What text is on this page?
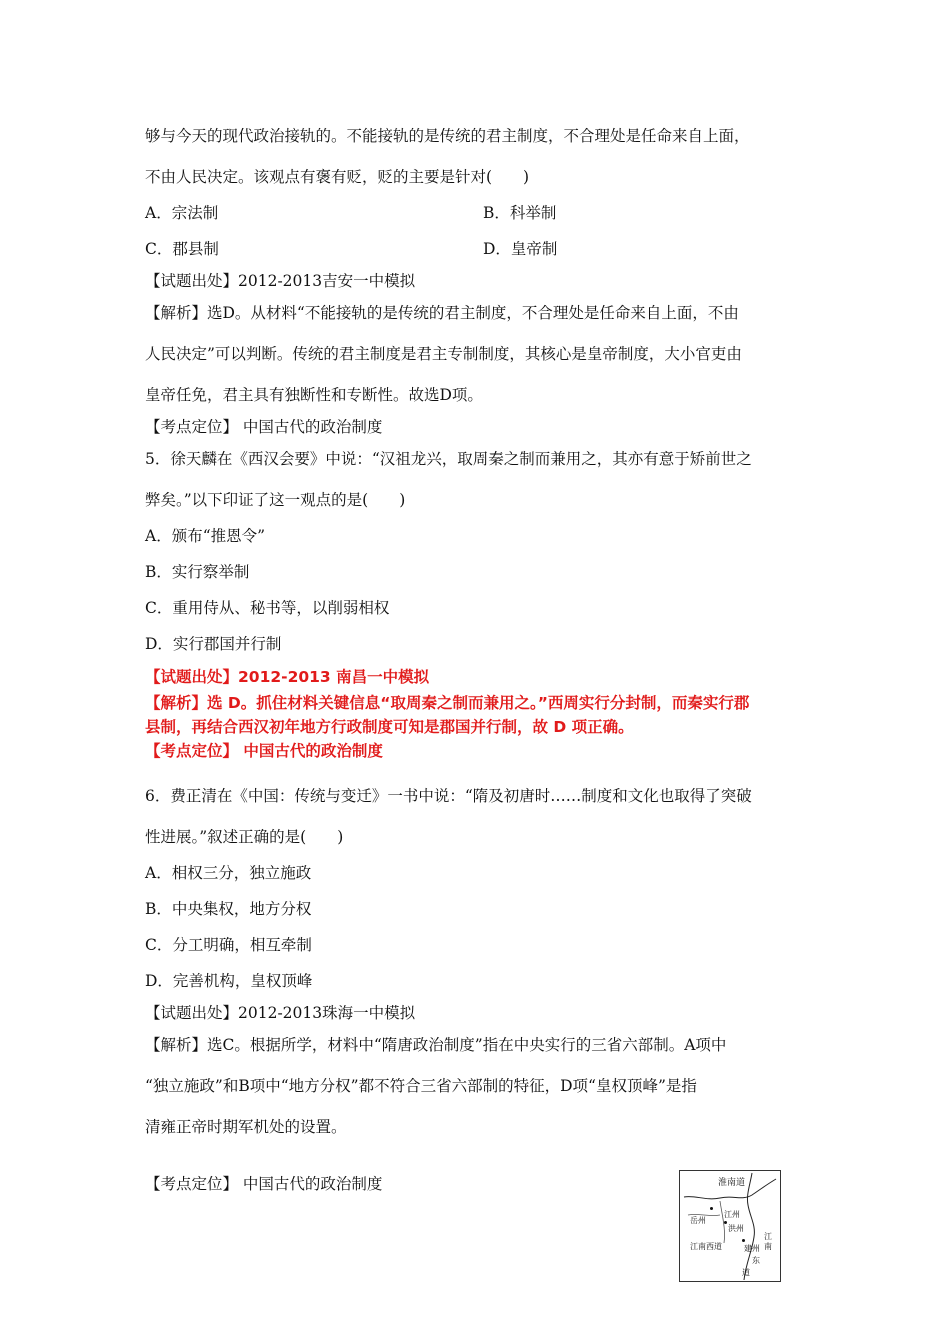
够与今天的现代政治接轨的。不能接轨的是传统的君主制度，不合理处是任命来自上面，
不由人民决定。该观点有褒有贬，贬的主要是针对(　　)
A．宗法制	B．科举制
C．郡县制	D．皇帝制
【试题出处】2012-2013吉安一中模拟
【解析】选D。从材料“不能接轨的是传统的君主制度，不合理处是任命来自上面，不由
人民决定”可以判断。传统的君主制度是君主专制制度，其核心是皇帝制度，大小官吏由
皇帝任免，君主具有独断性和专断性。故选D项。
【考点定位】 中国古代的政治制度
5．徐天麟在《西汉会要》中说：“汉祖龙兴，取周秦之制而兼用之，其亦有意于矫前世之
弊矣。”以下印证了这一观点的是(　　)
A．颁布“推恩令”
B．实行察举制
C．重用侍从、秘书等，以削弱相权
D．实行郡国并行制
【试题出处】2012-2013 南昌一中模拟
【解析】选 D。抓住材料关键信息“取周秦之制而兼用之。”西周实行分封制，而秦实行郡
县制，再结合西汉初年地方行政制度可知是郡国并行制，故 D 项正确。
【考点定位】 中国古代的政治制度
6．费正清在《中国：传统与变迁》一书中说：“隋及初唐时……制度和文化也取得了突破
性进展。”叙述正确的是(　　)
A．相权三分，独立施政
B．中央集权，地方分权
C．分工明确，相互牵制
D．完善机构，皇权顶峰
【试题出处】2012-2013珠海一中模拟
【解析】选C。根据所学，材料中“隋唐政治制度”指在中央实行的三省六部制。A项中
“独立施政”和B项中“地方分权”都不符合三省六部制的特征，D项“皇权顶峰”是指
清雍正帝时期军机处的设置。
【考点定位】 中国古代的政治制度	淮南道
江州
岳州
洪州
江南西道	建州
江
南
东
道
